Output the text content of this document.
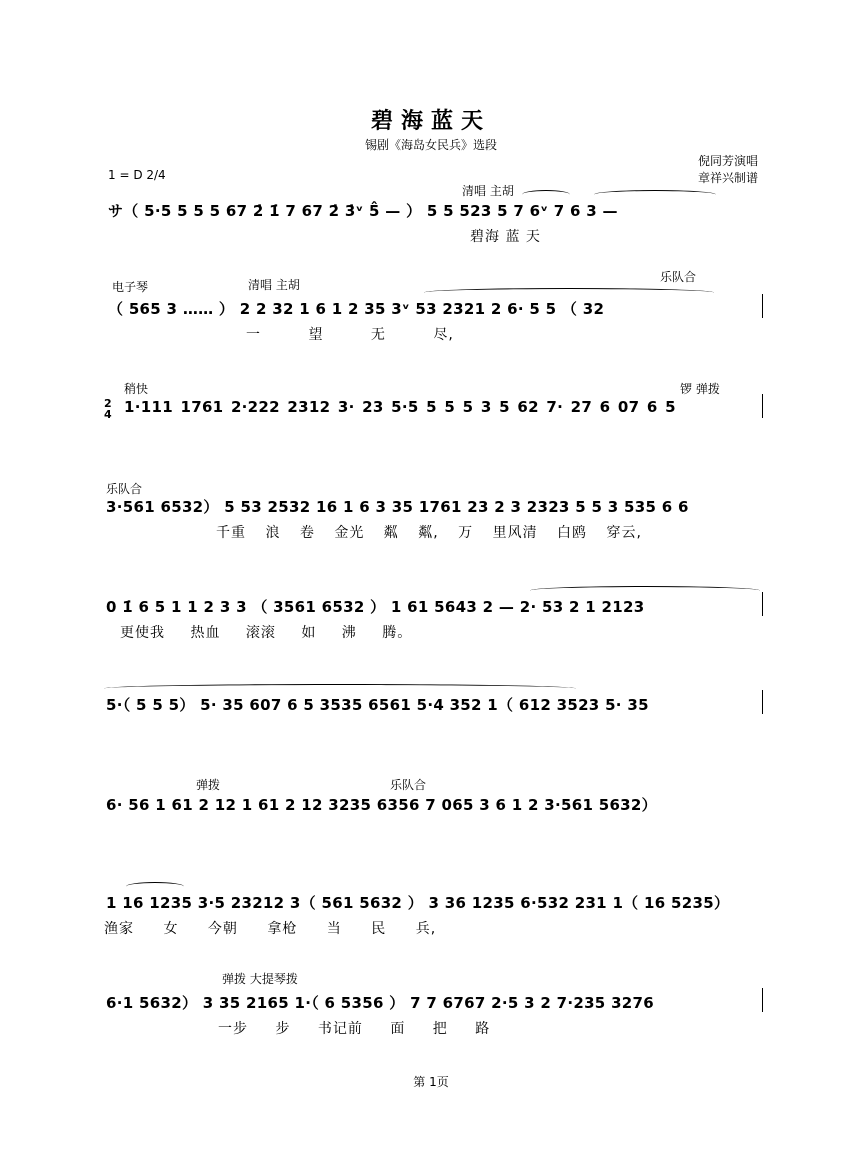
碧海蓝天
锡剧《海岛女民兵》选段
倪同芳演唱
章祥兴制谱
1 = D 2/4
清唱 主胡
サ（ 5·5 5 5 5 67 2̇ 1̇ 7 67 2̇ 3̇ᵛ 5̂ — ） 5 5 523 5 7 6ᵛ 7 6 3 —
碧海 蓝 天
电子琴	清唱 主胡
乐队合
（ 565 3 …… ） 2 2 32 1 6 1 2 35 3ᵛ 53 2321 2 6· 5 5 （ 32
一 望 无 尽,
稍快	锣 弹拨
2
4 1·111 1761 2·222 2312 3· 23 5·5 5 5 5 3 5 62 7· 27 6 07 6 5
乐队合
3·561 6532） 5 53 2532 16 1 6 3 35 1761 23 2 3 2323 5 5 3 535 6 6
千重 浪 卷 金光 粼 粼, 万 里风清 白鸥 穿云,
0 1̇ 6 5 1 1 2 3 3 （ 3561 6532 ） 1 61 5643 2 — 2· 53 2 1 2123
更使我 热血 滚滚 如 沸 腾。
5·（ 5 5 5） 5· 35 607 6 5 3535 6561 5·4 352 1（ 612 3523 5· 35
弹拨	乐队合
6· 56 1 61 2 12 1 61 2 12 3235 6356 7 065 3 6 1 2 3·561 5632）
1 16 1235 3·5 23212 3（ 561 5632 ） 3 36 1235 6·532 231 1（ 16 5235）
渔家 女 今朝 拿枪 当 民 兵,
弹拨 大提琴拨
6·1 5632） 3 35 2165 1·（ 6 5356 ） 7 7 6767 2·5 3 2 7·235 3276
一步 步 书记前 面 把 路
第 1页
